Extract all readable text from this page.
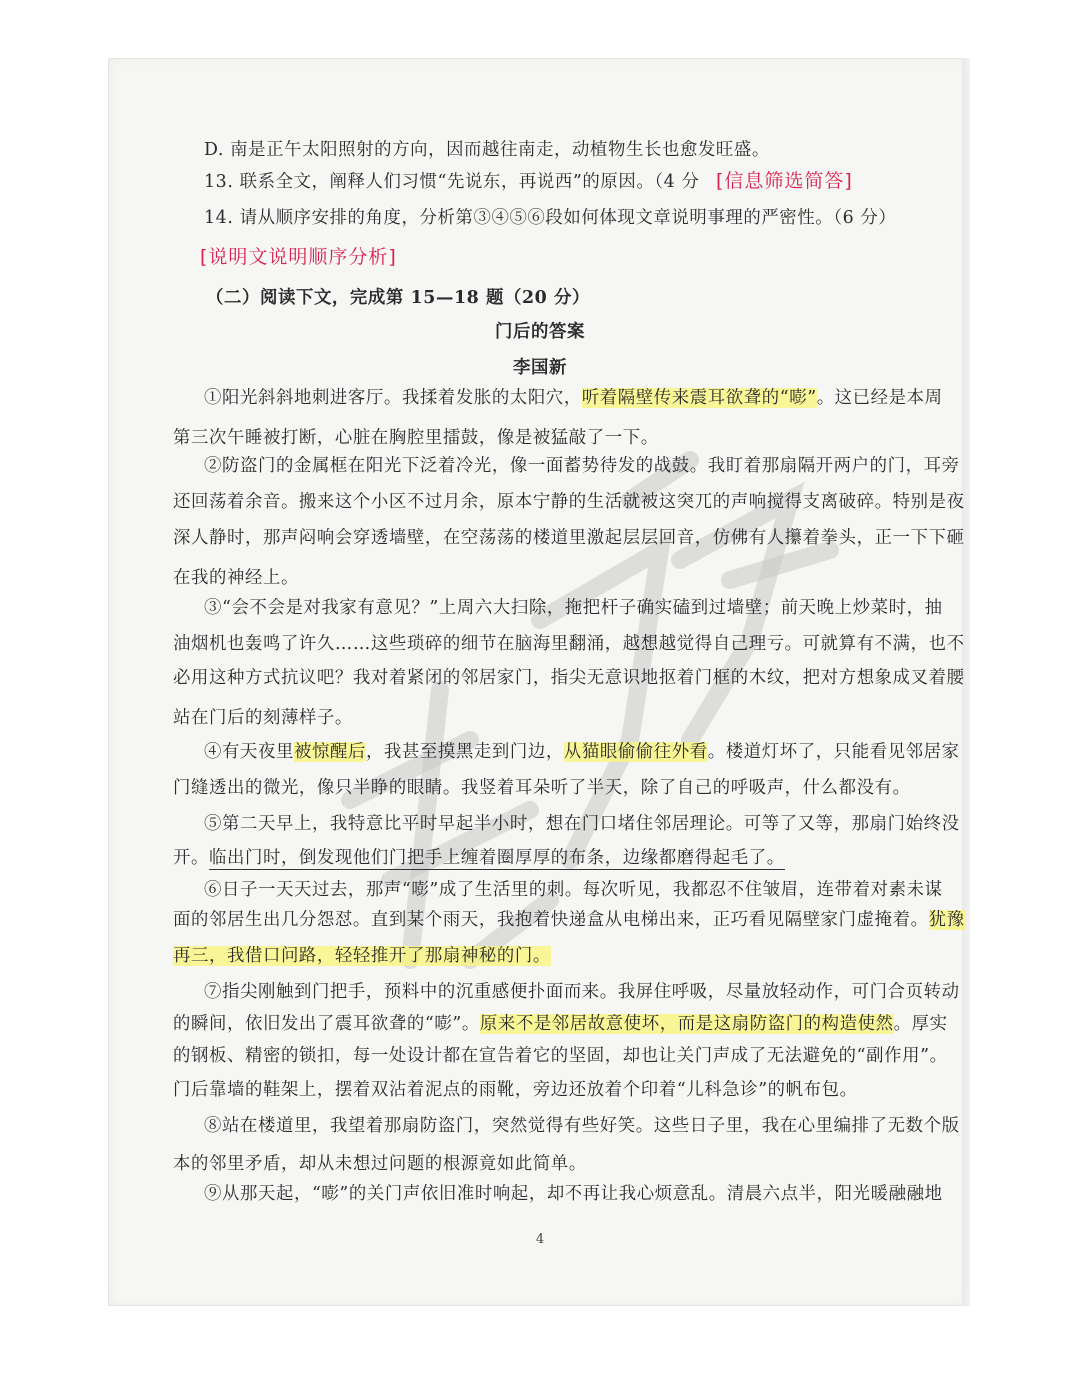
D. 南是正午太阳照射的方向，因而越往南走，动植物生长也愈发旺盛。
13. 联系全文，阐释人们习惯“先说东，再说西”的原因。（4 分 [信息筛选简答]
14. 请从顺序安排的角度，分析第③④⑤⑥段如何体现文章说明事理的严密性。（6 分）
[说明文说明顺序分析]
（二）阅读下文，完成第 15—18 题（20 分）
门后的答案
李国新
①阳光斜斜地刺进客厅。我揉着发胀的太阳穴，听着隔壁传来震耳欲聋的“嘭”。这已经是本周
第三次午睡被打断，心脏在胸腔里擂鼓，像是被猛敲了一下。
②防盗门的金属框在阳光下泛着冷光，像一面蓄势待发的战鼓。我盯着那扇隔开两户的门，耳旁
还回荡着余音。搬来这个小区不过月余，原本宁静的生活就被这突兀的声响搅得支离破碎。特别是夜
深人静时，那声闷响会穿透墙壁，在空荡荡的楼道里激起层层回音，仿佛有人攥着拳头，正一下下砸
在我的神经上。
③“会不会是对我家有意见？”上周六大扫除，拖把杆子确实磕到过墙壁；前天晚上炒菜时，抽
油烟机也轰鸣了许久……这些琐碎的细节在脑海里翻涌，越想越觉得自己理亏。可就算有不满，也不
必用这种方式抗议吧？我对着紧闭的邻居家门，指尖无意识地抠着门框的木纹，把对方想象成叉着腰
站在门后的刻薄样子。
④有天夜里被惊醒后，我甚至摸黑走到门边，从猫眼偷偷往外看。楼道灯坏了，只能看见邻居家
门缝透出的微光，像只半睁的眼睛。我竖着耳朵听了半天，除了自己的呼吸声，什么都没有。
⑤第二天早上，我特意比平时早起半小时，想在门口堵住邻居理论。可等了又等，那扇门始终没
开。临出门时，倒发现他们门把手上缠着圈厚厚的布条，边缘都磨得起毛了。
⑥日子一天天过去，那声“嘭”成了生活里的刺。每次听见，我都忍不住皱眉，连带着对素未谋
面的邻居生出几分怨怼。直到某个雨天，我抱着快递盒从电梯出来，正巧看见隔壁家门虚掩着。犹豫
再三，我借口问路，轻轻推开了那扇神秘的门。
⑦指尖刚触到门把手，预料中的沉重感便扑面而来。我屏住呼吸，尽量放轻动作，可门合页转动
的瞬间，依旧发出了震耳欲聋的“嘭”。原来不是邻居故意使坏，而是这扇防盗门的构造使然。厚实
的钢板、精密的锁扣，每一处设计都在宣告着它的坚固，却也让关门声成了无法避免的“副作用”。
门后靠墙的鞋架上，摆着双沾着泥点的雨靴，旁边还放着个印着“儿科急诊”的帆布包。
⑧站在楼道里，我望着那扇防盗门，突然觉得有些好笑。这些日子里，我在心里编排了无数个版
本的邻里矛盾，却从未想过问题的根源竟如此简单。
⑨从那天起，“嘭”的关门声依旧准时响起，却不再让我心烦意乱。清晨六点半，阳光暖融融地
4
